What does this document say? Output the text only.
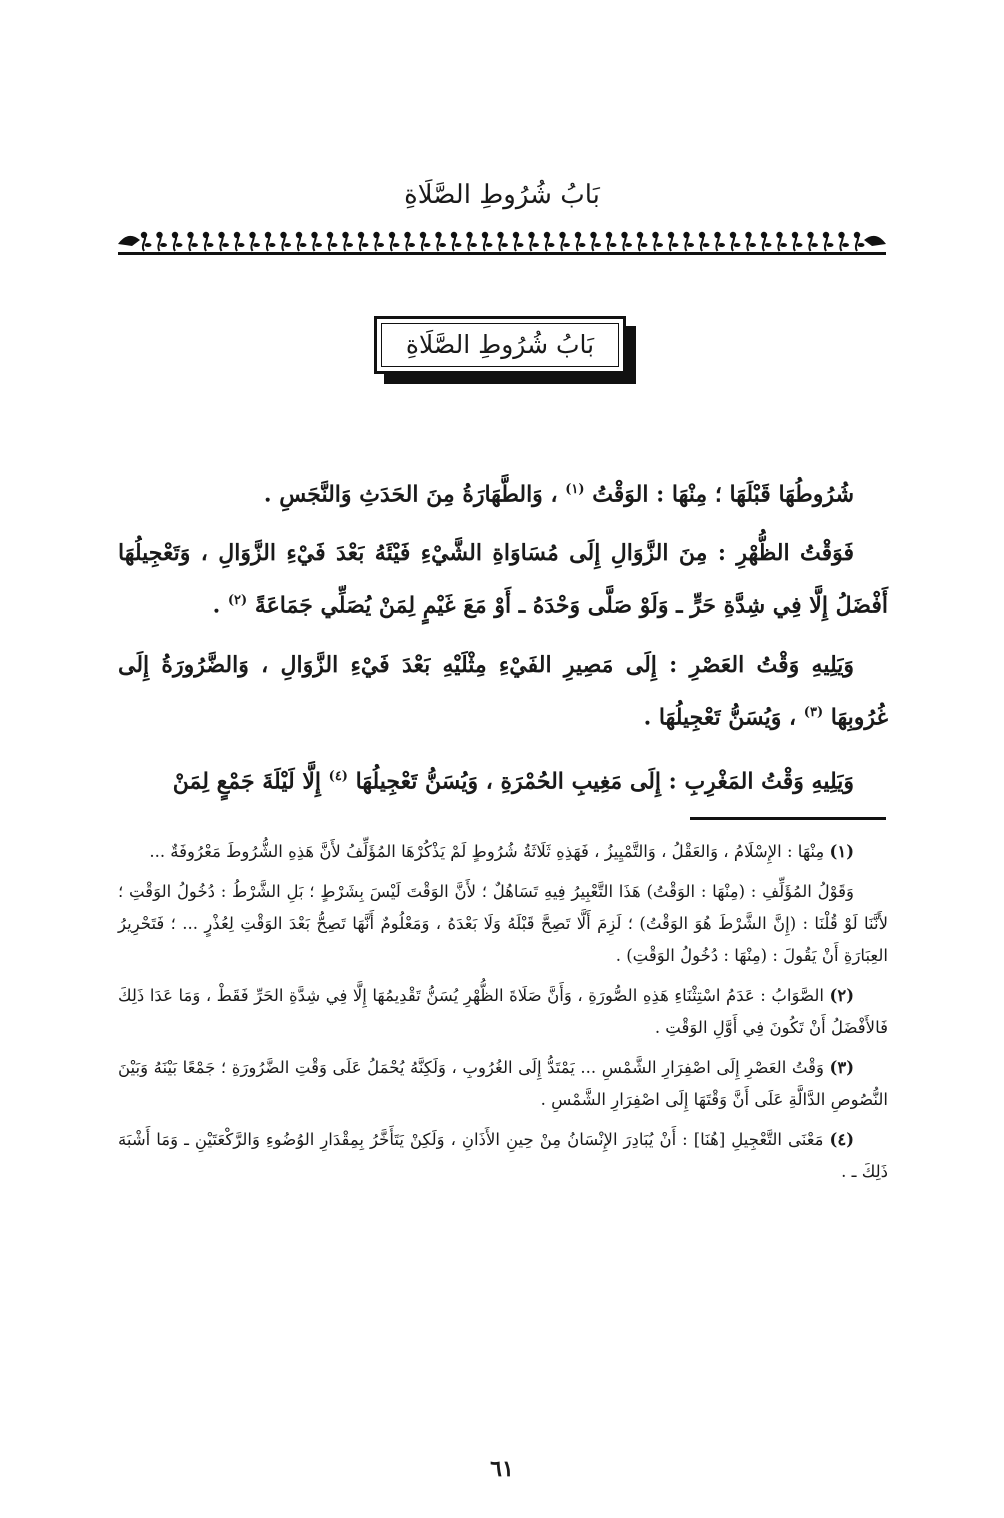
بَابُ شُرُوطِ الصَّلَاةِ
بَابُ شُرُوطِ الصَّلَاةِ

شُرُوطُهَا قَبْلَهَا ؛ مِنْهَا : الوَقْتُ $^{(١)}$ ، وَالطَّهَارَةُ مِنَ الحَدَثِ وَالنَّجَسِ .

فَوَقْتُ الظُّهْرِ : مِنَ الزَّوَالِ إِلَى مُسَاوَاةِ الشَّيْءِ فَيْئَهُ بَعْدَ فَيْءِ الزَّوَالِ ، وَتَعْجِيلُهَا أَفْضَلُ إِلَّا فِي شِدَّةِ حَرٍّ ـ وَلَوْ صَلَّى وَحْدَهُ ـ أَوْ مَعَ غَيْمٍ لِمَنْ يُصَلِّي جَمَاعَةً $^{(٢)}$ .

وَيَلِيهِ وَقْتُ العَصْرِ : إِلَى مَصِيرِ الفَيْءِ مِثْلَيْهِ بَعْدَ فَيْءِ الزَّوَالِ ، وَالضَّرُورَةُ إِلَى غُرُوبِهَا $^{(٣)}$ ، وَيُسَنُّ تَعْجِيلُهَا .

وَيَلِيهِ وَقْتُ المَغْرِبِ : إِلَى مَغِيبِ الحُمْرَةِ ، وَيُسَنُّ تَعْجِيلُهَا $^{(٤)}$ إِلَّا لَيْلَةَ جَمْعٍ لِمَنْ

(١) مِنْهَا : الإِسْلَامُ ، وَالعَقْلُ ، وَالتَّمْيِيزُ ، فَهَذِهِ ثَلَاثَةُ شُرُوطٍ لَمْ يَذْكُرْهَا المُؤَلِّفُ لأَنَّ هَذِهِ الشُّرُوطَ مَعْرُوفَةٌ ...

وَقَوْلُ المُؤَلِّفِ : (مِنْهَا : الوَقْتُ) هَذَا التَّعْبِيرُ فِيهِ تَسَاهُلٌ ؛ لأَنَّ الوَقْتَ لَيْسَ بِشَرْطٍ ؛ بَلِ الشَّرْطُ : دُخُولُ الوَقْتِ ؛ لأَنَّنَا لَوْ قُلْنَا : (إِنَّ الشَّرْطَ هُوَ الوَقْتُ) ؛ لَزِمَ أَلَّا تَصِحَّ قَبْلَهُ وَلَا بَعْدَهُ ، وَمَعْلُومٌ أَنَّهَا تَصِحُّ بَعْدَ الوَقْتِ لِعُذْرٍ ... ؛ فَتَحْرِيرُ العِبَارَةِ أَنْ يَقُولَ : (مِنْهَا : دُخُولُ الوَقْتِ) .

(٢) الصَّوَابُ : عَدَمُ اسْتِثْنَاءِ هَذِهِ الصُّورَةِ ، وَأَنَّ صَلَاةَ الظُّهْرِ يُسَنُّ تَقْدِيمُهَا إِلَّا فِي شِدَّةِ الحَرِّ فَقَطْ ، وَمَا عَدَا ذَلِكَ فَالأَفْضَلُ أَنْ تَكُونَ فِي أَوَّلِ الوَقْتِ .

(٣) وَقْتُ العَصْرِ إِلَى اصْفِرَارِ الشَّمْسِ ... يَمْتَدُّ إِلَى الغُرُوبِ ، وَلَكِنَّهُ يُحْمَلُ عَلَى وَقْتِ الضَّرُورَةِ ؛ جَمْعًا بَيْنَهُ وَبَيْنَ النُّصُوصِ الدَّالَّةِ عَلَى أَنَّ وَقْتَهَا إِلَى اصْفِرَارِ الشَّمْسِ .

(٤) مَعْنَى التَّعْجِيلِ [هُنَا] : أَنْ يُبَادِرَ الإِنْسَانُ مِنْ حِينِ الأَذَانِ ، وَلَكِنْ يَتَأَخَّرُ بِمِقْدَارِ الوُضُوءِ وَالرَّكْعَتَيْنِ ـ وَمَا أَشْبَهَ ذَلِكَ ـ .

٦١
